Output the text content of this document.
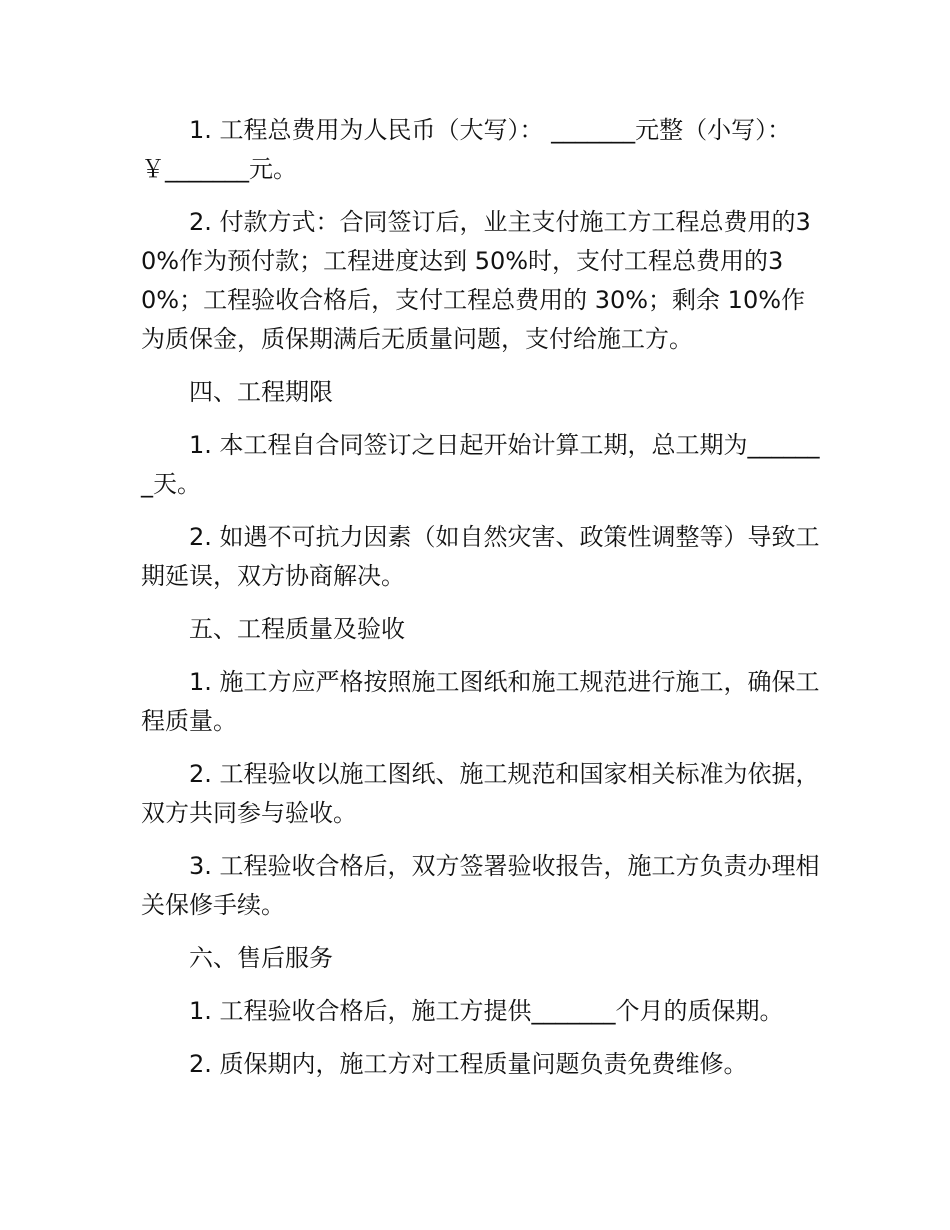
1. 工程总费用为人民币（大写）： _______元整（小写）：￥_______元。

2. 付款方式：合同签订后，业主支付施工方工程总费用的30%作为预付款；工程进度达到 50%时，支付工程总费用的30%；工程验收合格后，支付工程总费用的 30%；剩余 10%作为质保金，质保期满后无质量问题，支付给施工方。

四、工程期限

1. 本工程自合同签订之日起开始计算工期，总工期为_______天。

2. 如遇不可抗力因素（如自然灾害、政策性调整等）导致工期延误，双方协商解决。

五、工程质量及验收

1. 施工方应严格按照施工图纸和施工规范进行施工，确保工程质量。

2. 工程验收以施工图纸、施工规范和国家相关标准为依据，双方共同参与验收。

3. 工程验收合格后，双方签署验收报告，施工方负责办理相关保修手续。

六、售后服务

1. 工程验收合格后，施工方提供_______个月的质保期。

2. 质保期内，施工方对工程质量问题负责免费维修。
